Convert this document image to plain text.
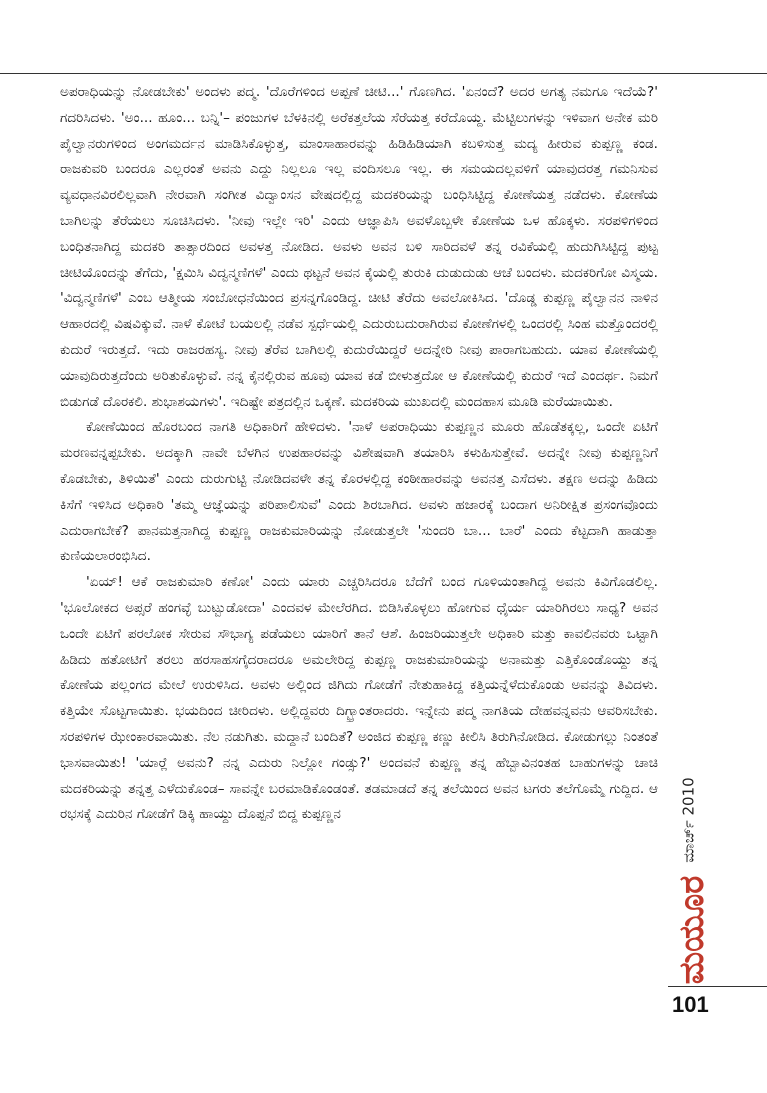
ಅಪರಾಧಿಯನ್ನು ನೋಡಬೇಕು' ಅಂದಳು ಪದ್ಮ. 'ದೊರೆಗಳಿಂದ ಅಪ್ಪಣೆ ಚೀಟಿ...' ಗೊಣಗಿದ. 'ಏನಂದೆ? ಅದರ ಅಗತ್ಯ ನಮಗೂ ಇದೆಯೆ?' ಗದರಿಸಿದಳು. 'ಅಂ... ಹೂಂ... ಬನ್ನಿ'– ಪಂಜುಗಳ ಬೆಳಕಿನಲ್ಲಿ ಅರೆಕತ್ತಲೆಯ ಸೆರೆಯತ್ತ ಕರೆದೊಯ್ದ. ಮೆಟ್ಟಿಲುಗಳನ್ನು ಇಳಿವಾಗ ಅನೇಕ ಮರಿ ಪೈಲ್ವಾನರುಗಳಿಂದ ಅಂಗಮರ್ದನ ಮಾಡಿಸಿಕೊಳ್ಳುತ್ತ, ಮಾಂಸಾಹಾರವನ್ನು ಹಿಡಿಹಿಡಿಯಾಗಿ ಕಬಳಿಸುತ್ತ ಮದ್ಯ ಹೀರುವ ಕುಪ್ಪಣ್ಣ ಕಂಡ. ರಾಜಕುವರಿ ಬಂದರೂ ಎಲ್ಲರಂತೆ ಅವನು ಎದ್ದು ನಿಲ್ಲಲೂ ಇಲ್ಲ ವಂದಿಸಲೂ ಇಲ್ಲ. ಈ ಸಮಯದಲ್ಲವಳಿಗೆ ಯಾವುದರತ್ತ ಗಮನಿಸುವ ವ್ಯವಧಾನವಿರಲಿಲ್ಲವಾಗಿ ನೇರವಾಗಿ ಸಂಗೀತ ವಿದ್ವಾಂಸನ ವೇಷದಲ್ಲಿದ್ದ ಮದಕರಿಯನ್ನು ಬಂಧಿಸಿಟ್ಟಿದ್ದ ಕೋಣೆಯತ್ತ ನಡೆದಳು. ಕೋಣೆಯ ಬಾಗಿಲನ್ನು ತೆರೆಯಲು ಸೂಚಿಸಿದಳು. 'ನೀವು ಇಲ್ಲೇ ಇರಿ' ಎಂದು ಆಜ್ಞಾಪಿಸಿ ಅವಳೊಬ್ಬಳೇ ಕೋಣೆಯ ಒಳ ಹೊಕ್ಕಳು. ಸರಪಳಿಗಳಿಂದ ಬಂಧಿತನಾಗಿದ್ದ ಮದಕರಿ ತಾತ್ಸಾರದಿಂದ ಅವಳತ್ತ ನೋಡಿದ. ಅವಳು ಅವನ ಬಳಿ ಸಾರಿದವಳೆ ತನ್ನ ರವಿಕೆಯಲ್ಲಿ ಹುದುಗಿಸಿಟ್ಟಿದ್ದ ಪುಟ್ಟ ಚೀಟಿಯೊಂದನ್ನು ತೆಗೆದು, 'ಕ್ಷಮಿಸಿ ವಿದ್ವನ್ಮಣಿಗಳೆ' ಎಂದು ಥಟ್ಟನೆ ಅವನ ಕೈಯಲ್ಲಿ ತುರುಕಿ ದುಡುದುಡು ಆಚೆ ಬಂದಳು. ಮದಕರಿಗೋ ವಿಸ್ಮಯ. 'ವಿದ್ವನ್ಮಣಿಗಳೆ' ಎಂಬ ಆತ್ಮೀಯ ಸಂಬೋಧನೆಯಿಂದ ಪ್ರಸನ್ನಗೊಂಡಿದ್ದ. ಚೀಟಿ ತೆರೆದು ಅವಲೋಕಿಸಿದ. 'ದೊಡ್ಡ ಕುಪ್ಪಣ್ಣ ಪೈಲ್ವಾನನ ನಾಳಿನ ಆಹಾರದಲ್ಲಿ ವಿಷವಿಕ್ಕುವೆ. ನಾಳೆ ಕೋಟೆ ಬಯಲಲ್ಲಿ ನಡೆವ ಸ್ಪರ್ಧೆಯಲ್ಲಿ ಎದುರುಬದುರಾಗಿರುವ ಕೋಣೆಗಳಲ್ಲಿ ಒಂದರಲ್ಲಿ ಸಿಂಹ ಮತ್ತೊಂದರಲ್ಲಿ ಕುದುರೆ ಇರುತ್ತದೆ. ಇದು ರಾಜರಹಸ್ಯ. ನೀವು ತೆರೆವ ಬಾಗಿಲಲ್ಲಿ ಕುದುರೆಯಿದ್ದರೆ ಅದನ್ನೇರಿ ನೀವು ಪಾರಾಗಬಹುದು. ಯಾವ ಕೋಣೆಯಲ್ಲಿ ಯಾವುದಿರುತ್ತದೆಂದು ಅರಿತುಕೊಳ್ಳುವೆ. ನನ್ನ ಕೈನಲ್ಲಿರುವ ಹೂವು ಯಾವ ಕಡೆ ಬೀಳುತ್ತದೋ ಆ ಕೋಣೆಯಲ್ಲಿ ಕುದುರೆ ಇದೆ ಎಂದರ್ಥ. ನಿಮಗೆ ಬಿಡುಗಡೆ ದೊರಕಲಿ. ಶುಭಾಶಯಗಳು'. ಇದಿಷ್ಟೇ ಪತ್ರದಲ್ಲಿನ ಒಕ್ಕಣೆ. ಮದಕರಿಯ ಮುಖದಲ್ಲಿ ಮಂದಹಾಸ ಮೂಡಿ ಮರೆಯಾಯಿತು.

ಕೋಣೆಯಿಂದ ಹೊರಬಂದ ನಾಗತಿ ಅಧಿಕಾರಿಗೆ ಹೇಳಿದಳು. 'ನಾಳೆ ಅಪರಾಧಿಯು ಕುಪ್ಪಣ್ಣನ ಮೂರು ಹೊಡೆತಕ್ಕಲ್ಲ, ಒಂದೇ ಏಟಿಗೆ ಮರಣವನ್ನಪ್ಪಬೇಕು. ಅದಕ್ಕಾಗಿ ನಾವೇ ಬೆಳಗಿನ ಉಪಹಾರವನ್ನು ವಿಶೇಷವಾಗಿ ತಯಾರಿಸಿ ಕಳುಹಿಸುತ್ತೇವೆ. ಅದನ್ನೇ ನೀವು ಕುಪ್ಪಣ್ಣನಿಗೆ ಕೊಡಬೇಕು, ತಿಳಿಯಿತೆ' ಎಂದು ದುರುಗುಟ್ಟಿ ನೋಡಿದವಳೇ ತನ್ನ ಕೊರಳಲ್ಲಿದ್ದ ಕಂಠೀಹಾರವನ್ನು ಅವನತ್ತ ಎಸೆದಳು. ತಕ್ಷಣ ಅದನ್ನು ಹಿಡಿದು ಕಿಸೆಗೆ ಇಳಿಸಿದ ಅಧಿಕಾರಿ 'ತಮ್ಮ ಆಜ್ಞೆಯನ್ನು ಪರಿಪಾಲಿಸುವೆ' ಎಂದು ಶಿರಬಾಗಿದ. ಅವಳು ಹಜಾರಕ್ಕೆ ಬಂದಾಗ ಅನಿರೀಕ್ಷಿತ ಪ್ರಸಂಗವೊಂದು ಎದುರಾಗಬೇಕೆ? ಪಾನಮತ್ತನಾಗಿದ್ದ ಕುಪ್ಪಣ್ಣ ರಾಜಕುಮಾರಿಯನ್ನು ನೋಡುತ್ತಲೇ 'ಸುಂದರಿ ಬಾ... ಬಾರೆ' ಎಂದು ಕೆಟ್ಟದಾಗಿ ಹಾಡುತ್ತಾ ಕುಣಿಯಲಾರಂಭಿಸಿದ.

'ಏಯ್! ಆಕೆ ರಾಜಕುಮಾರಿ ಕಣೋ' ಎಂದು ಯಾರು ಎಚ್ಚರಿಸಿದರೂ ಬೆದೆಗೆ ಬಂದ ಗೂಳಿಯಂತಾಗಿದ್ದ ಅವನು ಕಿವಿಗೊಡಲಿಲ್ಲ. 'ಭೂಲೋಕದ ಅಪ್ಸರೆ ಹಂಗವ್ಳೆ ಬುಟ್ಬುಡೋದಾ' ಎಂದವಳ ಮೇಲೆರಗಿದ. ಬಿಡಿಸಿಕೊಳ್ಳಲು ಹೋಗುವ ಧೈರ್ಯ ಯಾರಿಗಿರಲು ಸಾಧ್ಯ? ಅವನ ಒಂದೇ ಏಟಿಗೆ ಪರಲೋಕ ಸೇರುವ ಸೌಭಾಗ್ಯ ಪಡೆಯಲು ಯಾರಿಗೆ ತಾನೆ ಆಶೆ. ಹಿಂಜರಿಯುತ್ತಲೇ ಅಧಿಕಾರಿ ಮತ್ತು ಕಾವಲಿನವರು ಒಟ್ಟಾಗಿ ಹಿಡಿದು ಹತೋಟಿಗೆ ತರಲು ಹರಸಾಹಸಗೈದರಾದರೂ ಅಮಲೇರಿದ್ದ ಕುಪ್ಪಣ್ಣ ರಾಜಕುಮಾರಿಯನ್ನು ಅನಾಮತ್ತು ಎತ್ತಿಕೊಂಡೊಯ್ದು ತನ್ನ ಕೋಣೆಯ ಪಲ್ಲಂಗದ ಮೇಲೆ ಉರುಳಿಸಿದ. ಅವಳು ಅಲ್ಲಿಂದ ಜಿಗಿದು ಗೋಡೆಗೆ ನೇತುಹಾಕಿದ್ದ ಕತ್ತಿಯನ್ನೆಳೆದುಕೊಂಡು ಅವನನ್ನು ತಿವಿದಳು. ಕತ್ತಿಯೇ ಸೊಟ್ಟಗಾಯಿತು. ಭಯದಿಂದ ಚೀರಿದಳು. ಅಲ್ಲಿದ್ದವರು ದಿಗ್ಭ್ರಾಂತರಾದರು. ಇನ್ನೇನು ಪದ್ಮ ನಾಗತಿಯ ದೇಹವನ್ನವನು ಆವರಿಸಬೇಕು. ಸರಪಳಿಗಳ ಝೇಂಕಾರವಾಯಿತು. ನೆಲ ನಡುಗಿತು. ಮದ್ದಾನೆ ಬಂದಿತೆ? ಅಂಜಿದ ಕುಪ್ಪಣ್ಣ ಕಣ್ಣು ಕೀಲಿಸಿ ತಿರುಗಿನೋಡಿದ. ಕೋಡುಗಲ್ಲು ನಿಂತಂತೆ ಭಾಸವಾಯಿತು! 'ಯಾರ್‍ಲೆ ಅವನು? ನನ್ನ ಎದುರು ನಿಲ್ಲೋ ಗಂಡ್ಸು?' ಅಂದವನೆ ಕುಪ್ಪಣ್ಣ ತನ್ನ ಹೆಬ್ಬಾವಿನಂತಹ ಬಾಹುಗಳನ್ನು ಚಾಚಿ ಮದಕರಿಯನ್ನು ತನ್ನತ್ತ ಎಳೆದುಕೊಂಡ– ಸಾವನ್ನೇ ಬರಮಾಡಿಕೊಂಡಂತೆ. ತಡಮಾಡದೆ ತನ್ನ ತಲೆಯಿಂದ ಅವನ ಟಗರು ತಲೆಗೊಮ್ಮೆ ಗುದ್ದಿದ. ಆ ರಭಸಕ್ಕೆ ಎದುರಿನ ಗೋಡೆಗೆ ಡಿಕ್ಕಿ ಹಾಯ್ದು ದೊಪ್ಪನೆ ಬಿದ್ದ ಕುಪ್ಪಣ್ಣನ	ಮಾರ್ಚ್ 2010
ಮಯೂರ
101
